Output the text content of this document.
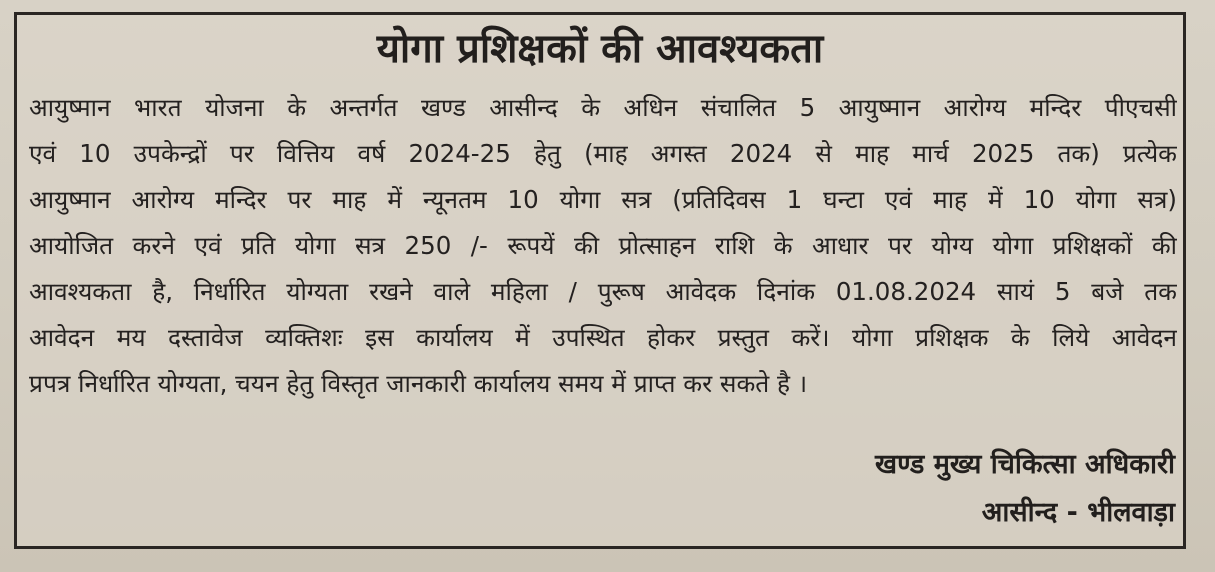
योगा प्रशिक्षकों की आवश्यकता
आयुष्मान भारत योजना के अन्तर्गत खण्ड आसीन्द के अधिन संचालित 5 आयुष्मान आरोग्य मन्दिर पीएचसी
एवं 10 उपकेन्द्रों पर वित्तिय वर्ष 2024-25 हेतु (माह अगस्त 2024 से माह मार्च 2025 तक) प्रत्येक
आयुष्मान आरोग्य मन्दिर पर माह में न्यूनतम 10 योगा सत्र (प्रतिदिवस 1 घन्टा एवं माह में 10 योगा सत्र)
आयोजित करने एवं प्रति योगा सत्र 250 /- रूपयें की प्रोत्साहन राशि के आधार पर योग्य योगा प्रशिक्षकों की
आवश्यकता है, निर्धारित योग्यता रखने वाले महिला / पुरूष आवेदक दिनांक 01.08.2024 सायं 5 बजे तक
आवेदन मय दस्तावेज व्यक्तिशः इस कार्यालय में उपस्थित होकर प्रस्तुत करें। योगा प्रशिक्षक के लिये आवेदन
प्रपत्र निर्धारित योग्यता, चयन हेतु विस्तृत जानकारी कार्यालय समय में प्राप्त कर सकते है ।
खण्ड मुख्य चिकित्सा अधिकारी
आसीन्द - भीलवाड़ा
